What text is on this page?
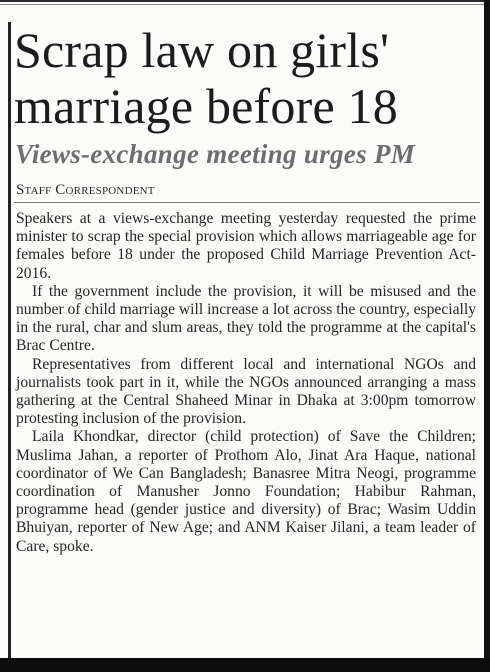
Scrap law on girls' marriage before 18
Views-exchange meeting urges PM
Staff Correspondent

Speakers at a views-exchange meeting yesterday requested the prime minister to scrap the special provision which allows marriageable age for females before 18 under the proposed Child Marriage Prevention Act-2016.

If the government include the provision, it will be misused and the number of child marriage will increase a lot across the country, especially in the rural, char and slum areas, they told the programme at the capital's Brac Centre.

Representatives from different local and international NGOs and journalists took part in it, while the NGOs announced arranging a mass gathering at the Central Shaheed Minar in Dhaka at 3:00pm tomorrow protesting inclusion of the provision.

Laila Khondkar, director (child protection) of Save the Children; Muslima Jahan, a reporter of Prothom Alo, Jinat Ara Haque, national coordinator of We Can Bangladesh; Banasree Mitra Neogi, programme coordination of Manusher Jonno Foundation; Habibur Rahman, programme head (gender justice and diversity) of Brac; Wasim Uddin Bhuiyan, reporter of New Age; and ANM Kaiser Jilani, a team leader of Care, spoke.
